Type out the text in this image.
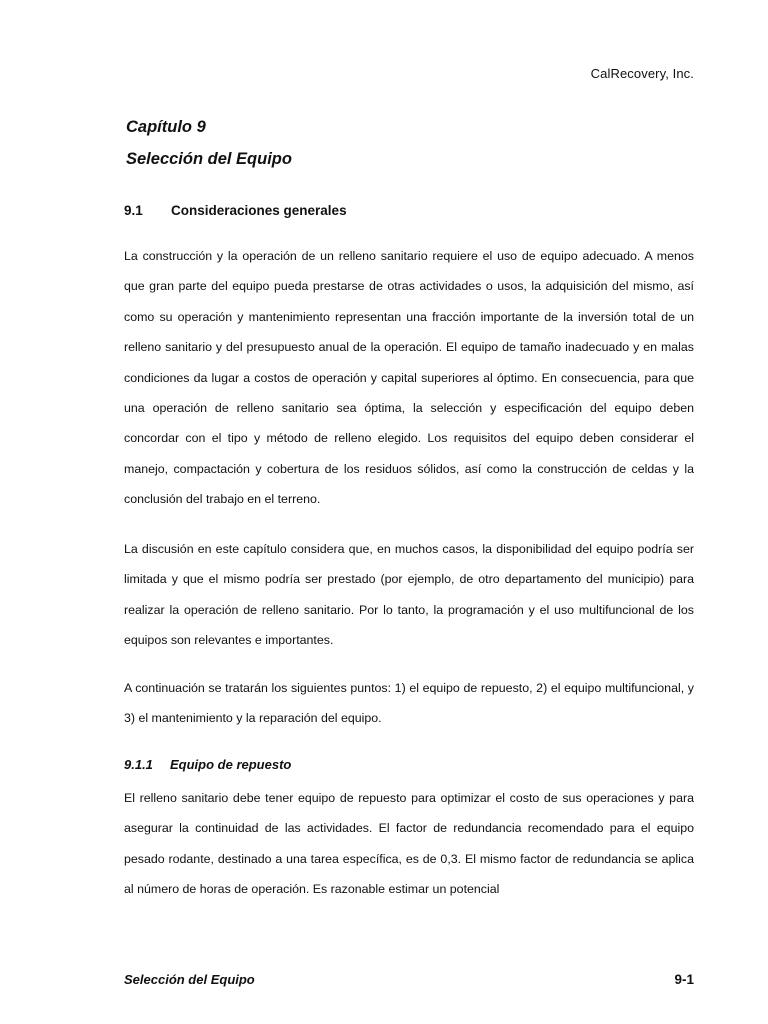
CalRecovery, Inc.
Capítulo 9
Selección del Equipo
9.1 Consideraciones generales

La construcción y la operación de un relleno sanitario requiere el uso de equipo adecuado. A menos que gran parte del equipo pueda prestarse de otras actividades o usos, la adquisición del mismo, así como su operación y mantenimiento representan una fracción importante de la inversión total de un relleno sanitario y del presupuesto anual de la operación. El equipo de tamaño inadecuado y en malas condiciones da lugar a costos de operación y capital superiores al óptimo. En consecuencia, para que una operación de relleno sanitario sea óptima, la selección y especificación del equipo deben concordar con el tipo y método de relleno elegido. Los requisitos del equipo deben considerar el manejo, compactación y cobertura de los residuos sólidos, así como la construcción de celdas y la conclusión del trabajo en el terreno.

La discusión en este capítulo considera que, en muchos casos, la disponibilidad del equipo podría ser limitada y que el mismo podría ser prestado (por ejemplo, de otro departamento del municipio) para realizar la operación de relleno sanitario. Por lo tanto, la programación y el uso multifuncional de los equipos son relevantes e importantes.

A continuación se tratarán los siguientes puntos: 1) el equipo de repuesto, 2) el equipo multifuncional, y 3) el mantenimiento y la reparación del equipo.

9.1.1 Equipo de repuesto

El relleno sanitario debe tener equipo de repuesto para optimizar el costo de sus operaciones y para asegurar la continuidad de las actividades. El factor de redundancia recomendado para el equipo pesado rodante, destinado a una tarea específica, es de 0,3. El mismo factor de redundancia se aplica al número de horas de operación. Es razonable estimar un potencial

Selección del Equipo	9-1
